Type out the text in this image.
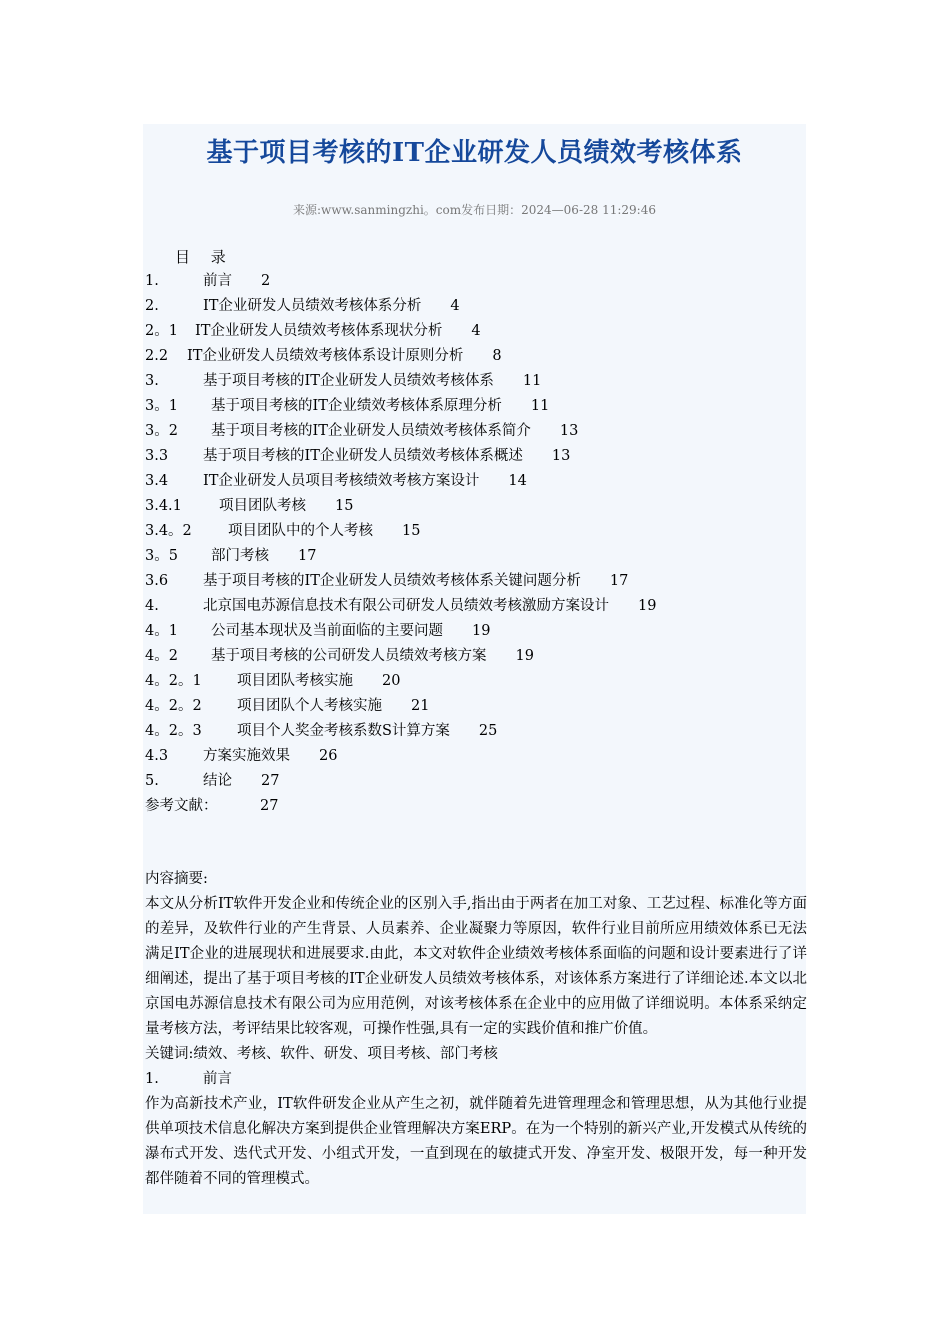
基于项目考核的IT企业研发人员绩效考核体系
来源:www.sanmingzhi。com发布日期：2024—06-28 11:29:46
目 录
1.	前言　　2
2.	IT企业研发人员绩效考核体系分析　　4
2。1 IT企业研发人员绩效考核体系现状分析　　4
2.2 IT企业研发人员绩效考核体系设计原则分析　　8
3.	基于项目考核的IT企业研发人员绩效考核体系　　11
3。1 基于项目考核的IT企业绩效考核体系原理分析　　11
3。2 基于项目考核的IT企业研发人员绩效考核体系简介　　13
3.3 基于项目考核的IT企业研发人员绩效考核体系概述　　13
3.4 IT企业研发人员项目考核绩效考核方案设计　　14
3.4.1	项目团队考核　　15
3.4。2 项目团队中的个人考核　　15
3。5 部门考核　　17
3.6 基于项目考核的IT企业研发人员绩效考核体系关键问题分析　　17
4.	北京国电苏源信息技术有限公司研发人员绩效考核激励方案设计　　19
4。1 公司基本现状及当前面临的主要问题　　19
4。2 基于项目考核的公司研发人员绩效考核方案　　19
4。2。1 项目团队考核实施　　20
4。2。2 项目团队个人考核实施　　21
4。2。3 项目个人奖金考核系数S计算方案　　25
4.3 方案实施效果　　26
5.	结论　　27
参考文献：	27

内容摘要:

本文从分析IT软件开发企业和传统企业的区别入手,指出由于两者在加工对象、工艺过程、标准化等方面的差异，及软件行业的产生背景、人员素养、企业凝聚力等原因，软件行业目前所应用绩效体系已无法满足IT企业的进展现状和进展要求.由此，本文对软件企业绩效考核体系面临的问题和设计要素进行了详细阐述，提出了基于项目考核的IT企业研发人员绩效考核体系，对该体系方案进行了详细论述.本文以北京国电苏源信息技术有限公司为应用范例，对该考核体系在企业中的应用做了详细说明。本体系采纳定量考核方法，考评结果比较客观，可操作性强,具有一定的实践价值和推广价值。

关键词:绩效、考核、软件、研发、项目考核、部门考核

1.	前言

作为高新技术产业，IT软件研发企业从产生之初，就伴随着先进管理理念和管理思想，从为其他行业提供单项技术信息化解决方案到提供企业管理解决方案ERP。在为一个特别的新兴产业,开发模式从传统的瀑布式开发、迭代式开发、小组式开发，一直到现在的敏捷式开发、净室开发、极限开发，每一种开发都伴随着不同的管理模式。
